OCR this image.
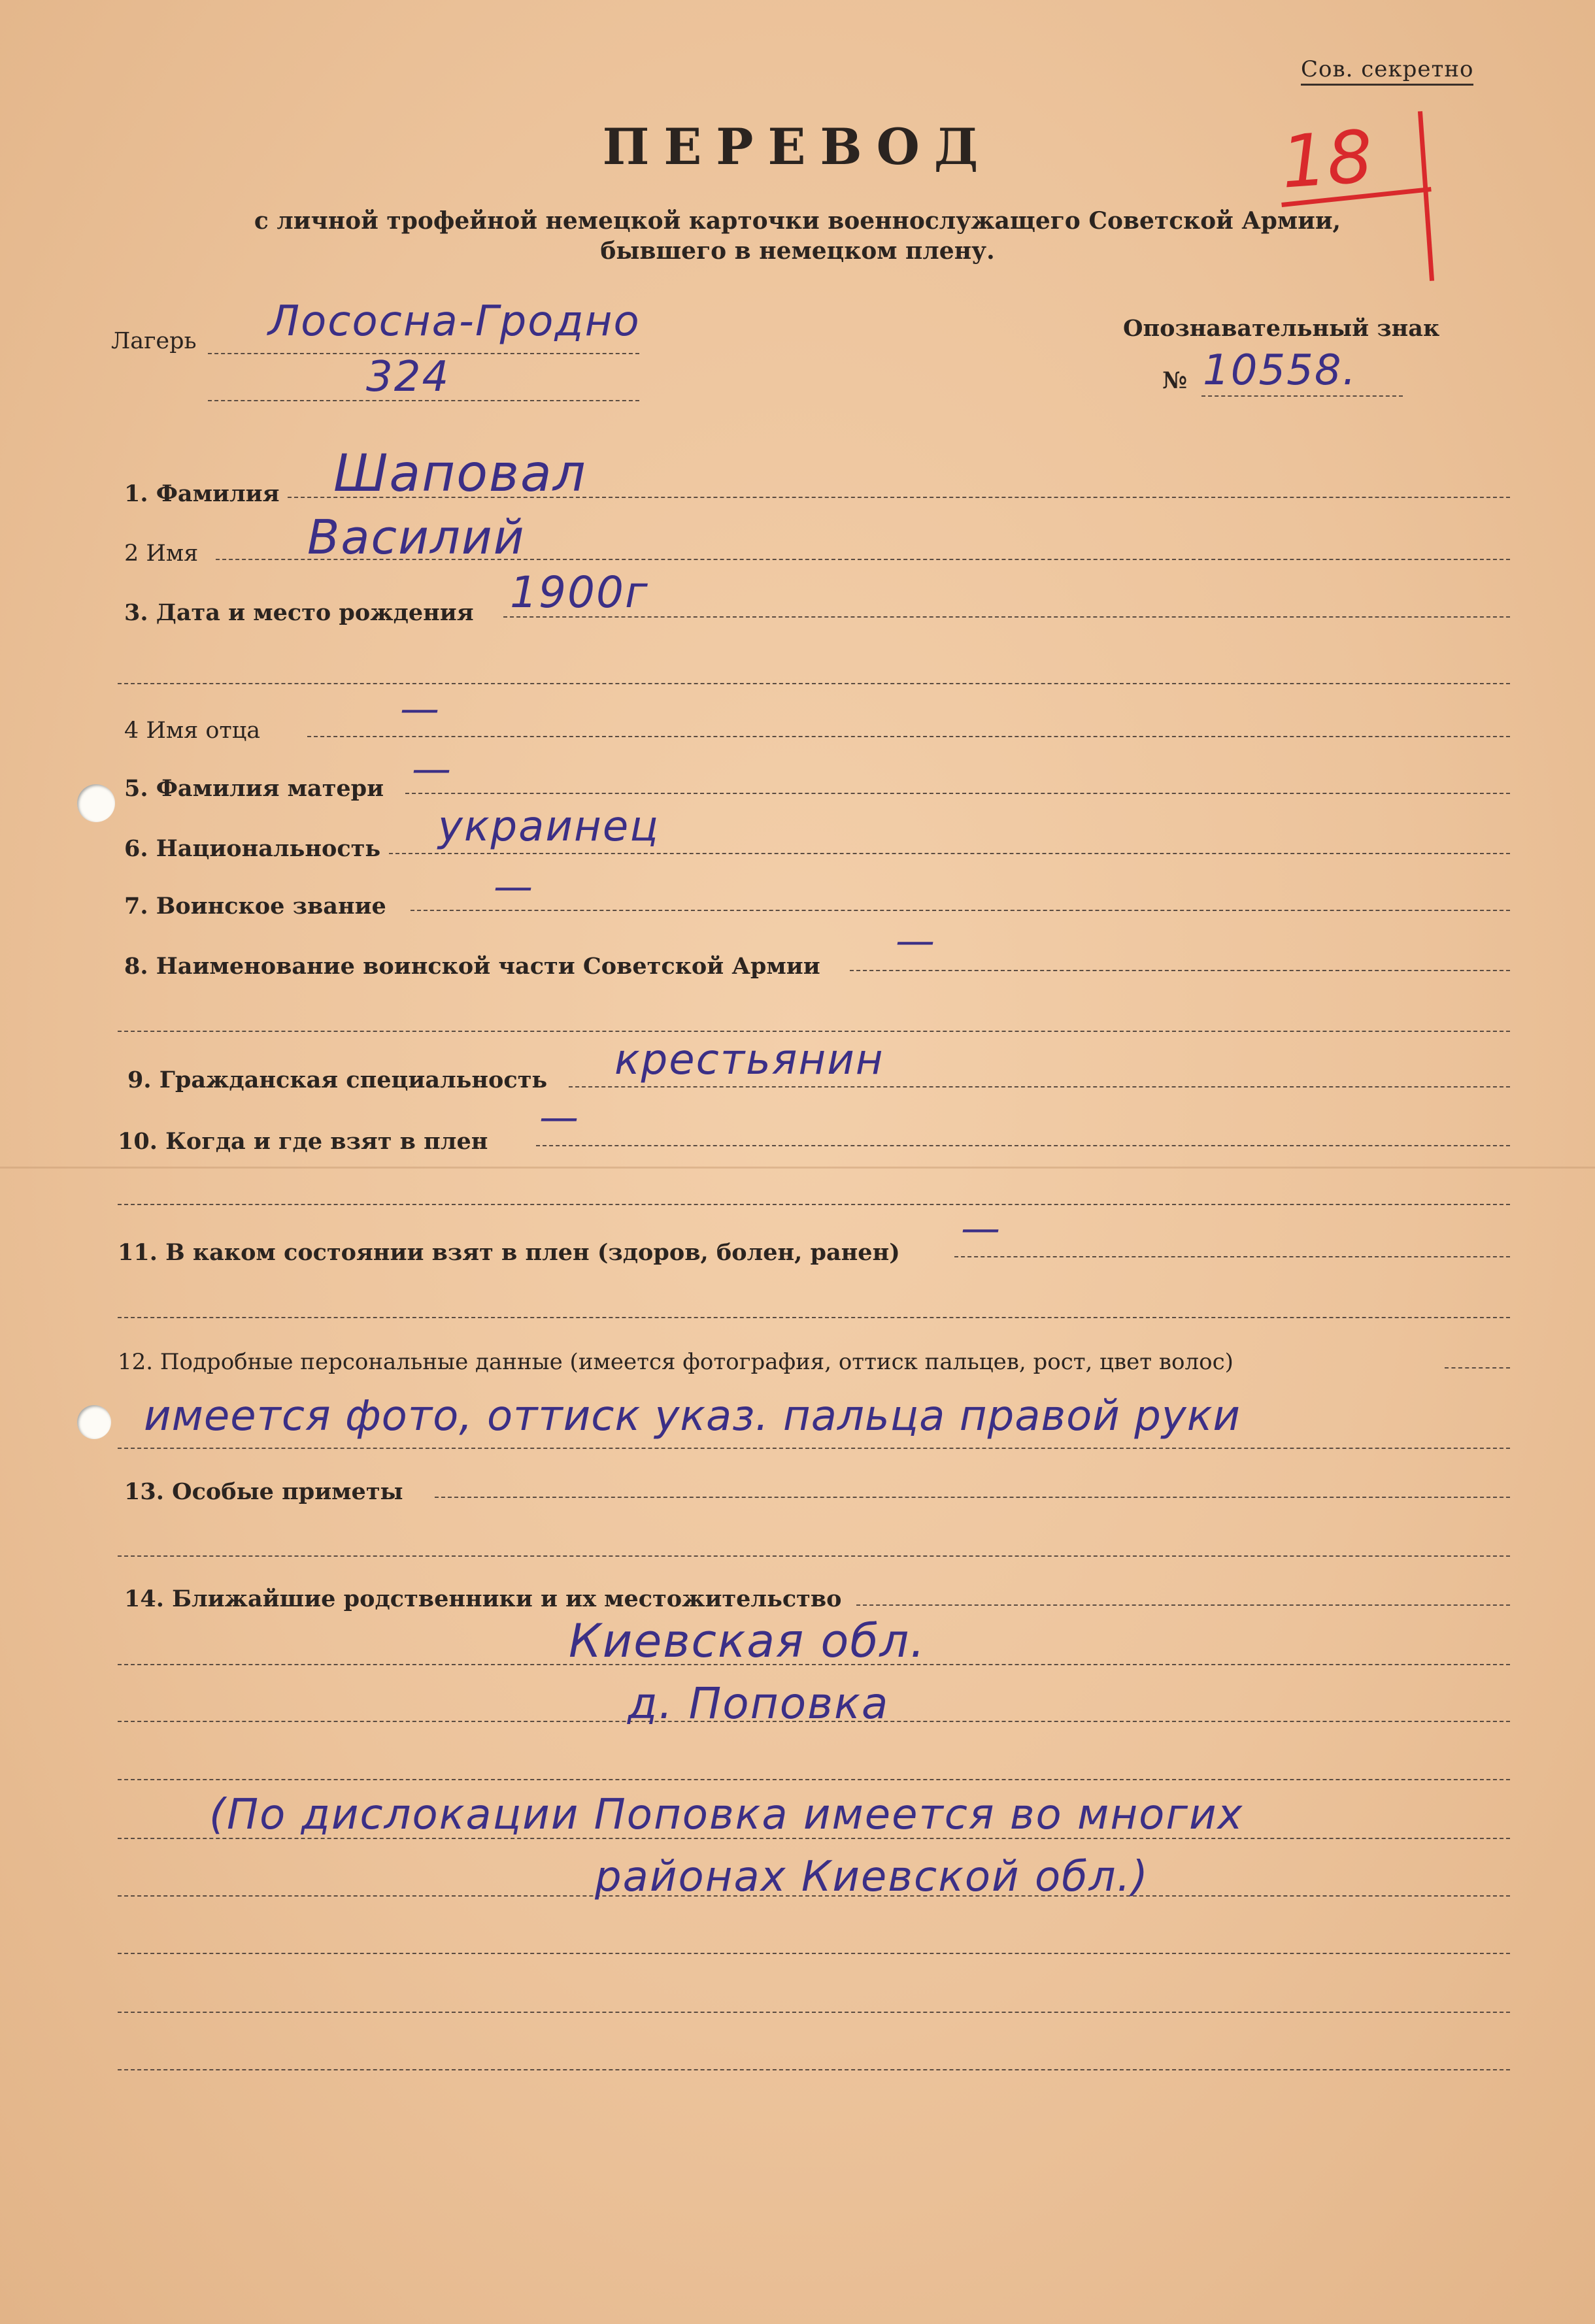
Сов. секретно
ПЕРЕВОД
с личной трофейной немецкой карточки военнослужащего Советской Армии,
бывшего в немецком плену.
18
Лагерь Лососна-Гродно
324
Опознавательный знак
№ 10558.
1. Фамилия Шаповал
2 Имя Василий
3. Дата и место рождения 1900г
4 Имя отца	—
5. Фамилия матери —
6. Национальность украинец
7. Воинское звание	—
8. Наименование воинской части Советской Армии
—
9. Гражданская специальность крестьянин
10. Когда и где взят в плен
—
11. В каком состоянии взят в плен (здоров, болен, ранен)
—
12. Подробные персональные данные (имеется фотография, оттиск пальцев, рост, цвет волос)
имеется фото, оттиск указ. пальца правой руки
13. Особые приметы
14. Ближайшие родственники и их местожительство
Киевская обл.
д. Поповка
(По дислокации Поповка имеется во многих
районах Киевской обл.)
